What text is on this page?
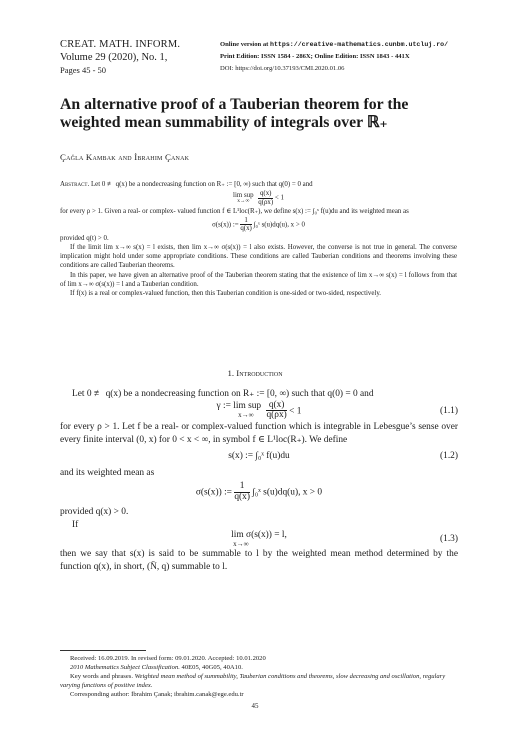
CREAT. MATH. INFORM.
Volume 29 (2020), No. 1,
Pages 45 - 50
Online version at https://creative-mathematics.cunbm.utcluj.ro/
Print Edition: ISSN 1584 - 286X; Online Edition: ISSN 1843 - 441X
DOI: https://doi.org/10.37193/CMI.2020.01.06
An alternative proof of a Tauberian theorem for the
weighted mean summability of integrals over ℝ₊
Çağla Kambak and İbrahim Çanak

Abstract. Let 0 ≢ q(x) be a nondecreasing function on R₊ := [0, ∞) such that q(0) = 0 and

lim sup
x→∞
	$\frac{q(x)}{q(\rho x)} < 1$

for every ρ > 1. Given a real- or complex- valued function f ∈ L¹loc(R₊), we define s(x) := ∫₀ˣ f(u)du and its weighted mean as

σ(s(x)) := $\frac{1}{q(x)}$ ∫₀ˣ s(u)dq(u), x > 0

provided q(t) > 0.

If the limit lim x→∞ s(x) = l exists, then lim x→∞ σ(s(x)) = l also exists. However, the converse is not true in general. The converse implication might hold under some appropriate conditions. These conditions are called Tauberian conditions and theorems involving these conditions are called Tauberian theorems.

In this paper, we have given an alternative proof of the Tauberian theorem stating that the existence of lim x→∞ s(x) = l follows from that of lim x→∞ σ(s(x)) = l and a Tauberian condition.

If f(x) is a real or complex-valued function, then this Tauberian condition is one-sided or two-sided, respectively.

1. Introduction

Let 0 ≢ q(x) be a nondecreasing function on R₊ := [0, ∞) such that q(0) = 0 and

γ := lim sup
x→∞
	$\frac{q(x)}{q(\rho x)} < 1$	(1.1)

for every ρ > 1. Let f be a real- or complex-valued function which is integrable in Lebesgue’s sense over every finite interval (0, x) for 0 < x < ∞, in symbol f ∈ L¹loc(R₊). We define

s(x) := ∫₀ˣ f(u)du	(1.2)

and its weighted mean as

σ(s(x)) := $\frac{1}{q(x)}$ ∫₀ˣ s(u)dq(u), x > 0

provided q(x) > 0.

If

lim σ(s(x)) = l,
x→∞	(1.3)

then we say that s(x) is said to be summable to l by the weighted mean method determined by the function q(x), in short, (N̄, q) summable to l.

Received: 16.09.2019. In revised form: 09.01.2020. Accepted: 10.01.2020
2010 Mathematics Subject Classification. 40E05, 40G05, 40A10.
Key words and phrases. Weighted mean method of summability, Tauberian conditions and theorems, slow decreasing and oscillation, regulary varying functions of positive index.
Corresponding author: İbrahim Çanak; ibrahim.canak@ege.edu.tr
45
